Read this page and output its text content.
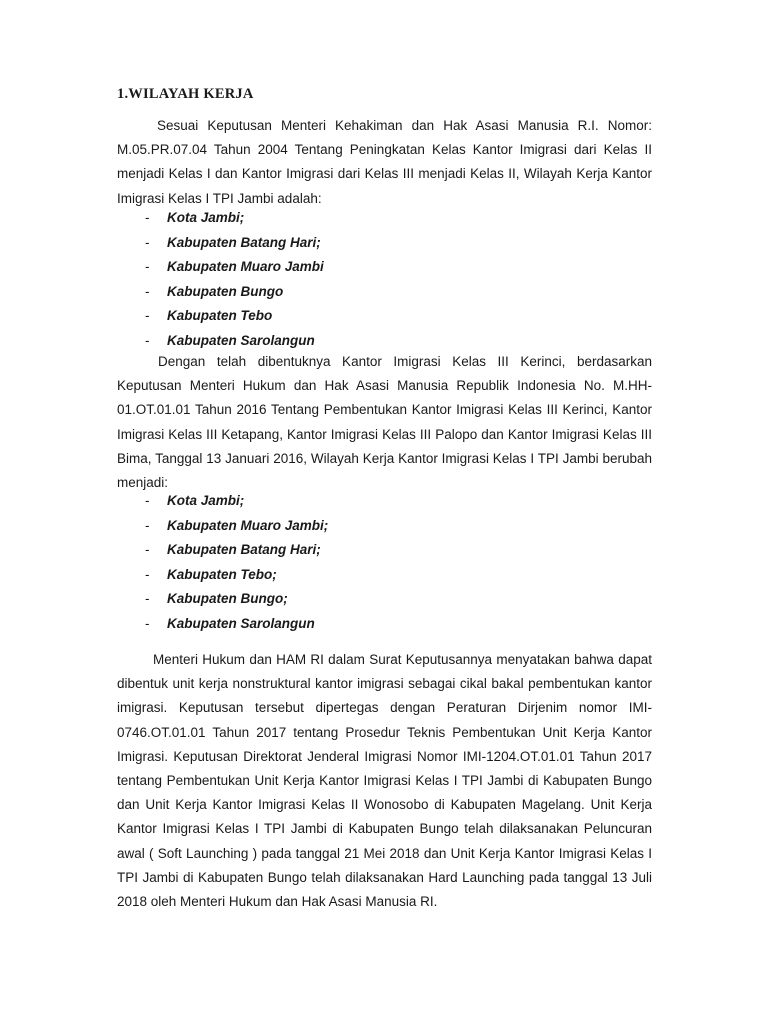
1.WILAYAH KERJA

Sesuai Keputusan Menteri Kehakiman dan Hak Asasi Manusia R.I. Nomor: M.05.PR.07.04 Tahun 2004 Tentang Peningkatan Kelas Kantor Imigrasi dari Kelas II menjadi Kelas I dan Kantor Imigrasi dari Kelas III menjadi Kelas II, Wilayah Kerja Kantor Imigrasi Kelas I TPI Jambi adalah:

- Kota Jambi;
- Kabupaten Batang Hari;
- Kabupaten Muaro Jambi
- Kabupaten Bungo
- Kabupaten Tebo
- Kabupaten Sarolangun

Dengan telah dibentuknya Kantor Imigrasi Kelas III Kerinci, berdasarkan Keputusan Menteri Hukum dan Hak Asasi Manusia Republik Indonesia No. M.HH-01.OT.01.01 Tahun 2016 Tentang Pembentukan Kantor Imigrasi Kelas III Kerinci, Kantor Imigrasi Kelas III Ketapang, Kantor Imigrasi Kelas III Palopo dan Kantor Imigrasi Kelas III Bima, Tanggal 13 Januari 2016, Wilayah Kerja Kantor Imigrasi Kelas I TPI Jambi berubah menjadi:

- Kota Jambi;
- Kabupaten Muaro Jambi;
- Kabupaten Batang Hari;
- Kabupaten Tebo;
- Kabupaten Bungo;
- Kabupaten Sarolangun

Menteri Hukum dan HAM RI dalam Surat Keputusannya menyatakan bahwa dapat dibentuk unit kerja nonstruktural kantor imigrasi sebagai cikal bakal pembentukan kantor imigrasi. Keputusan tersebut dipertegas dengan Peraturan Dirjenim nomor IMI-0746.OT.01.01 Tahun 2017 tentang Prosedur Teknis Pembentukan Unit Kerja Kantor Imigrasi. Keputusan Direktorat Jenderal Imigrasi Nomor IMI-1204.OT.01.01 Tahun 2017 tentang Pembentukan Unit Kerja Kantor Imigrasi Kelas I TPI Jambi di Kabupaten Bungo dan Unit Kerja Kantor Imigrasi Kelas II Wonosobo di Kabupaten Magelang. Unit Kerja Kantor Imigrasi Kelas I TPI Jambi di Kabupaten Bungo telah dilaksanakan Peluncuran awal ( Soft Launching ) pada tanggal 21 Mei 2018 dan Unit Kerja Kantor Imigrasi Kelas I TPI Jambi di Kabupaten Bungo telah dilaksanakan Hard Launching pada tanggal 13 Juli 2018 oleh Menteri Hukum dan Hak Asasi Manusia RI.
